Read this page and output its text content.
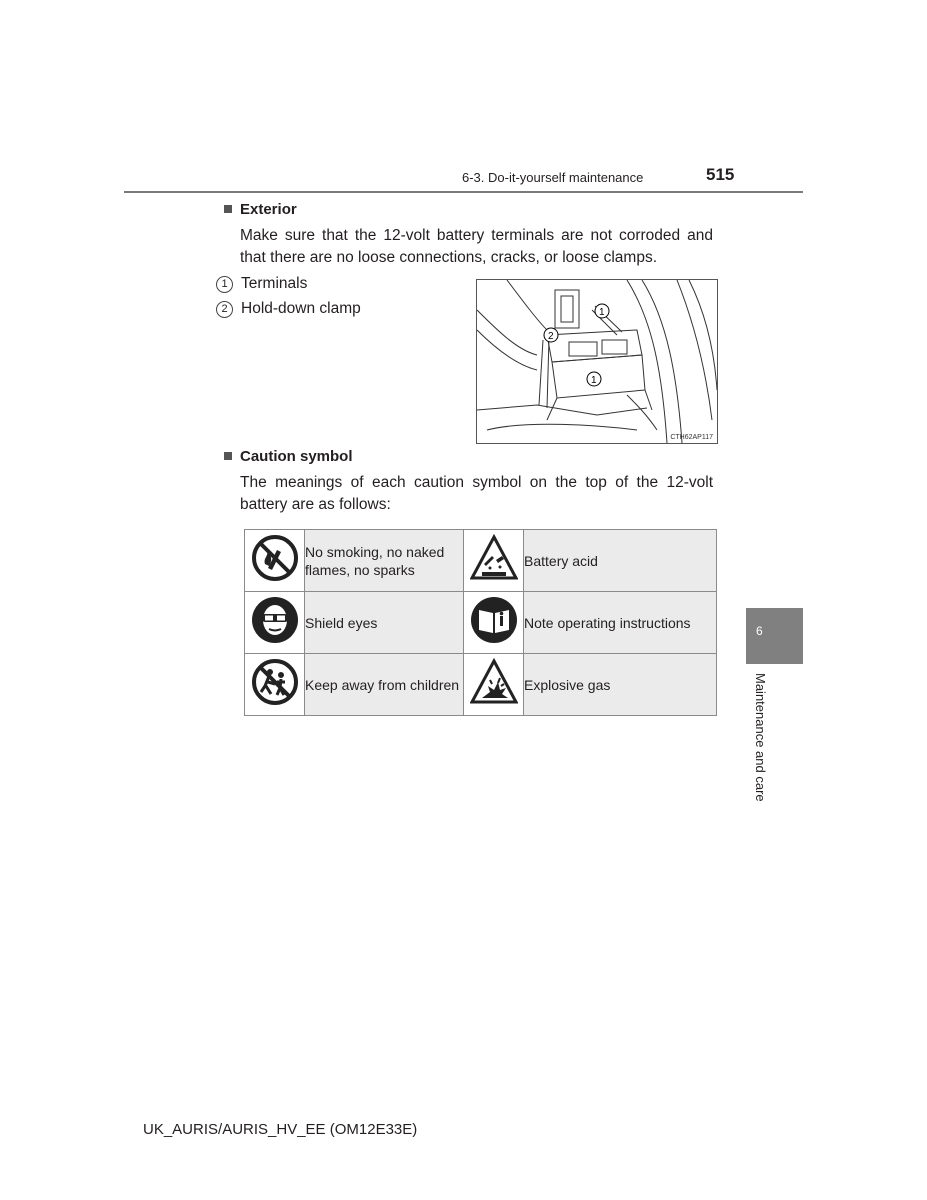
6-3. Do-it-yourself maintenance	515
Exterior
Make sure that the 12-volt battery terminals are not corroded and that there are no loose connections, cracks, or loose clamps.
1 Terminals
2 Hold-down clamp	1
2
1
CTH62AP117
Caution symbol
The meanings of each caution symbol on the top of the 12-volt battery are as follows:
	No smoking, no naked flames, no sparks		Battery acid
	Shield eyes		Note operating instructions
	Keep away from children		Explosive gas
6
Maintenance and care
UK_AURIS/AURIS_HV_EE (OM12E33E)
